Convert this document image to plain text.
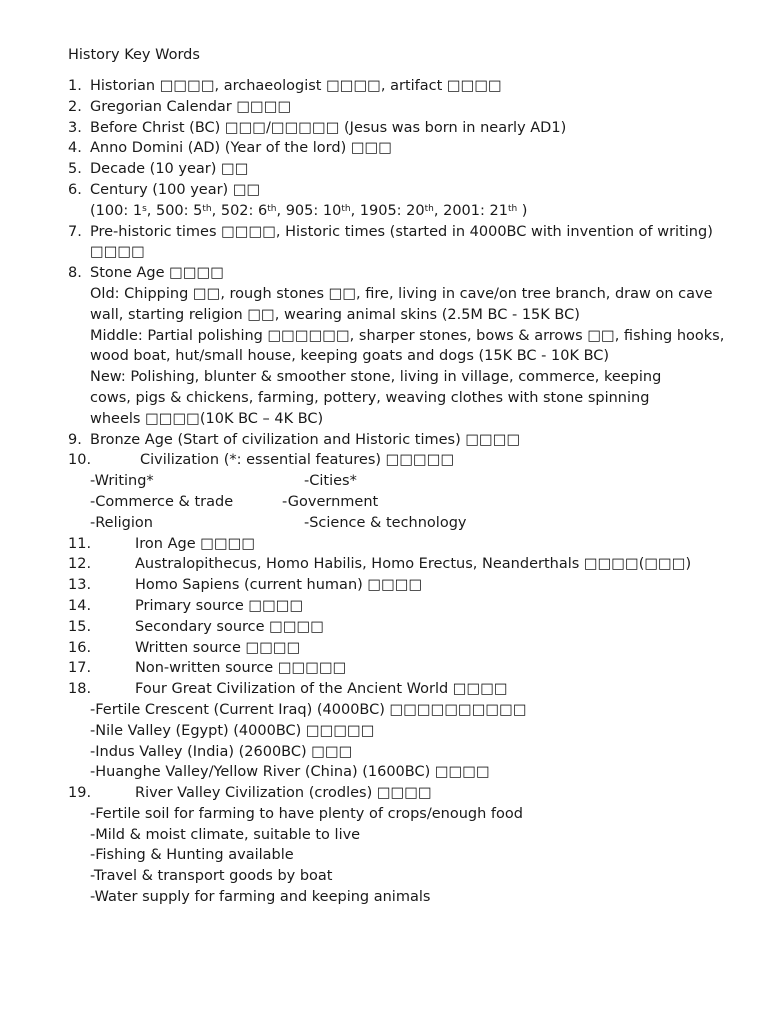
History Key Words
1. Historian □□□□, archaeologist □□□□, artifact □□□□
2. Gregorian Calendar □□□□
3. Before Christ (BC) □□□/□□□□□ (Jesus was born in nearly AD1)
4. Anno Domini (AD) (Year of the lord) □□□
5. Decade (10 year) □□
6. Century (100 year) □□
(100: 1$^s$, 500: 5th, 502: 6th, 905: 10th, 1905: 20th, 2001: 21th )
7. Pre-historic times □□□□, Historic times (started in 4000BC with invention of writing)
□□□□
8. Stone Age □□□□
Old: Chipping □□, rough stones □□, fire, living in cave/on tree branch, draw on cave
wall, starting religion □□, wearing animal skins (2.5M BC - 15K BC)
Middle: Partial polishing □□□□□□, sharper stones, bows & arrows □□, fishing hooks,
wood boat, hut/small house, keeping goats and dogs (15K BC - 10K BC)
New: Polishing, blunter & smoother stone, living in village, commerce, keeping
cows, pigs & chickens, farming, pottery, weaving clothes with stone spinning
wheels □□□□(10K BC – 4K BC)
9. Bronze Age (Start of civilization and Historic times) □□□□
10.	Civilization (*: essential features) □□□□□
-Writing*	-Cities*
-Commerce & trade	-Government
-Religion	-Science & technology
11.	Iron Age □□□□
12.	Australopithecus, Homo Habilis, Homo Erectus, Neanderthals □□□□(□□□)
13.	Homo Sapiens (current human) □□□□
14.	Primary source □□□□
15.	Secondary source □□□□
16.	Written source □□□□
17.	Non-written source □□□□□
18.	Four Great Civilization of the Ancient World □□□□
-Fertile Crescent (Current Iraq) (4000BC) □□□□□□□□□□
-Nile Valley (Egypt) (4000BC) □□□□□
-Indus Valley (India) (2600BC) □□□
-Huanghe Valley/Yellow River (China) (1600BC) □□□□
19.	River Valley Civilization (crodles) □□□□
-Fertile soil for farming to have plenty of crops/enough food
-Mild & moist climate, suitable to live
-Fishing & Hunting available
-Travel & transport goods by boat
-Water supply for farming and keeping animals
